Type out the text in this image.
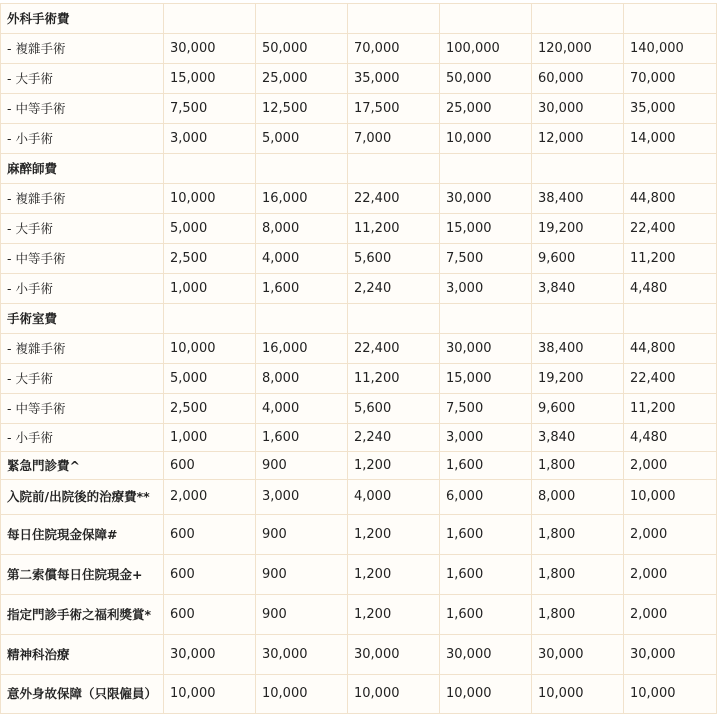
外科手術費						
- 複雜手術	30,000	50,000	70,000	100,000	120,000	140,000
- 大手術	15,000	25,000	35,000	50,000	60,000	70,000
- 中等手術	7,500	12,500	17,500	25,000	30,000	35,000
- 小手術	3,000	5,000	7,000	10,000	12,000	14,000
麻醉師費						
- 複雜手術	10,000	16,000	22,400	30,000	38,400	44,800
- 大手術	5,000	8,000	11,200	15,000	19,200	22,400
- 中等手術	2,500	4,000	5,600	7,500	9,600	11,200
- 小手術	1,000	1,600	2,240	3,000	3,840	4,480
手術室費						
- 複雜手術	10,000	16,000	22,400	30,000	38,400	44,800
- 大手術	5,000	8,000	11,200	15,000	19,200	22,400
- 中等手術	2,500	4,000	5,600	7,500	9,600	11,200
- 小手術	1,000	1,600	2,240	3,000	3,840	4,480
緊急門診費^	600	900	1,200	1,600	1,800	2,000
入院前/出院後的治療費**	2,000	3,000	4,000	6,000	8,000	10,000
每日住院現金保障#	600	900	1,200	1,600	1,800	2,000
第二索償每日住院現金+	600	900	1,200	1,600	1,800	2,000
指定門診手術之福利獎賞*	600	900	1,200	1,600	1,800	2,000
精神科治療	30,000	30,000	30,000	30,000	30,000	30,000
意外身故保障（只限僱員）	10,000	10,000	10,000	10,000	10,000	10,000
